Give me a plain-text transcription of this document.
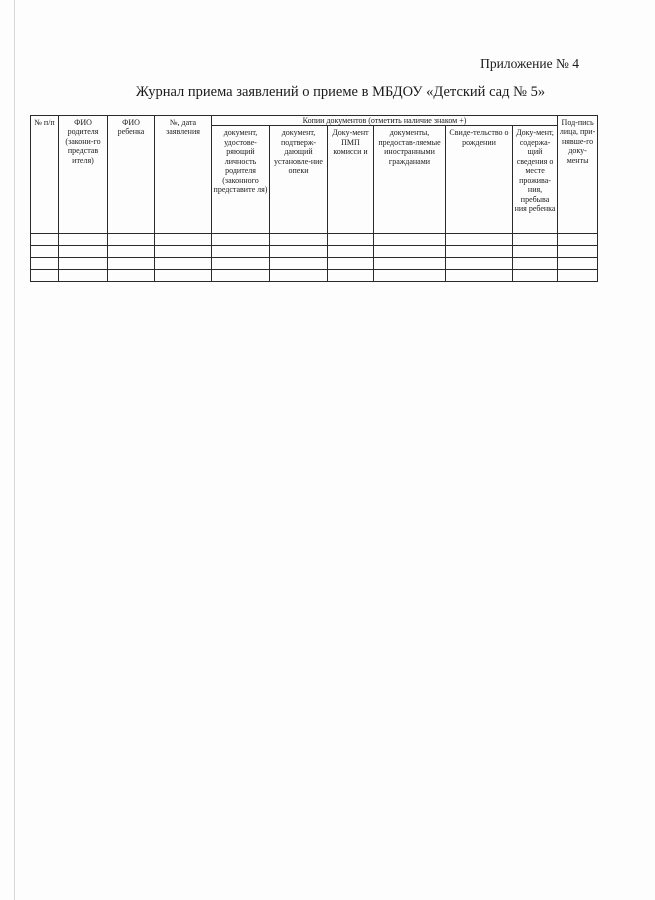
Приложение № 4
Журнал приема заявлений о приеме в МБДОУ «Детский сад № 5»
№ п/п	ФИО родителя (закони-го представ ителя)	ФИО ребенка	№, дата заявления	Копии документов (отметить наличие знаком +)						Под-пись лица, при-нявше-го доку-менты
				документ, удостове-ряющий личность родителя (законного представите ля)	документ, подтверж-дающий установле-ние опеки	Доку-мент ПМП комисси и	документы, предостав-ляемые иностранными гражданами	Свиде-тельство о рождении	Доку-мент, содержа-щий сведения о месте прожива-ния, пребыва ния ребенка	
